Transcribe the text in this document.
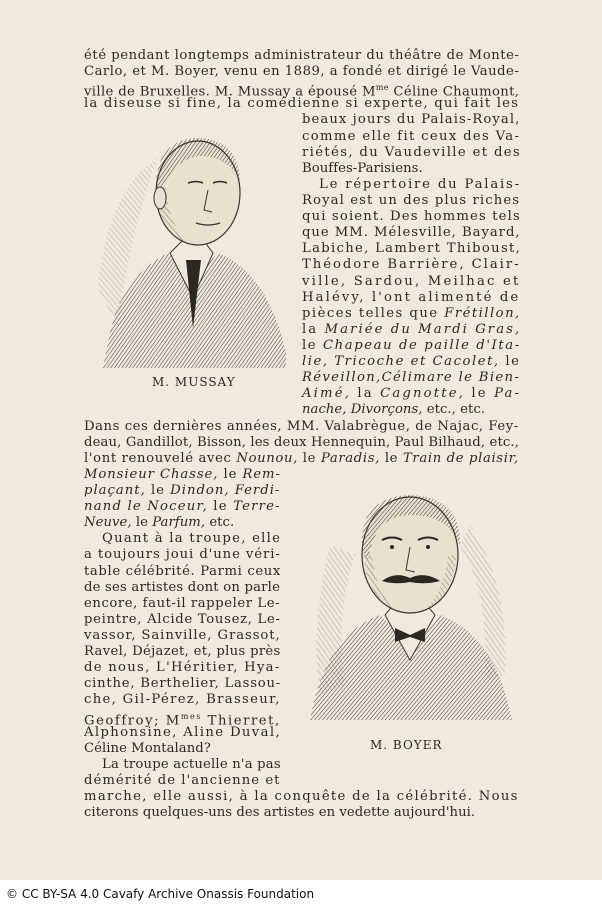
M. MUSSAY
M. BOYER
été pendant longtemps administrateur du théâtre de Monte-
Carlo, et M. Boyer, venu en 1889, a fondé et dirigé le Vaude-
ville de Bruxelles. M. Mussay a épousé $M^{me}$ Céline Chaumont,
la diseuse si fine, la comédienne si experte, qui fait les
beaux jours du Palais-Royal,
comme elle fit ceux des Va-
riétés, du Vaudeville et des
Bouffes-Parisiens.
Le répertoire du Palais-
Royal est un des plus riches
qui soient. Des hommes tels
que MM. Mélesville, Bayard,
Labiche, Lambert Thiboust,
Théodore Barrière, Clair-
ville, Sardou, Meilhac et
Halévy, l'ont alimenté de
pièces telles que Frétillon,
la Mariée du Mardi Gras,
le Chapeau de paille d'Ita-
lie, Tricoche et Cacolet, le
Réveillon,Célimare le Bien-
Aimé, la Cagnotte, le Pa-
nache, Divorçons, etc., etc.
Dans ces dernières années, MM. Valabrègue, de Najac, Fey-
deau, Gandillot, Bisson, les deux Hennequin, Paul Bilhaud, etc.,
l'ont renouvelé avec Nounou, le Paradis, le Train de plaisir,
Monsieur Chasse, le Rem-
plaçant, le Dindon, Ferdi-
nand le Noceur, le Terre-
Neuve, le Parfum, etc.
Quant à la troupe, elle
a toujours joui d'une véri-
table célébrité. Parmi ceux
de ses artistes dont on parle
encore, faut-il rappeler Le-
peintre, Alcide Tousez, Le-
vassor, Sainville, Grassot,
Ravel, Déjazet, et, plus près
de nous, L'Héritier, Hya-
cinthe, Berthelier, Lassou-
che, Gil-Pérez, Brasseur,
Geoffroy; $M^{mes}$ Thierret,
Alphonsine, Aline Duval,
Céline Montaland?
La troupe actuelle n'a pas
démérité de l'ancienne et
marche, elle aussi, à la conquête de la célébrité. Nous
citerons quelques-uns des artistes en vedette aujourd'hui.
© CC BY-SA 4.0 Cavafy Archive Onassis Foundation
